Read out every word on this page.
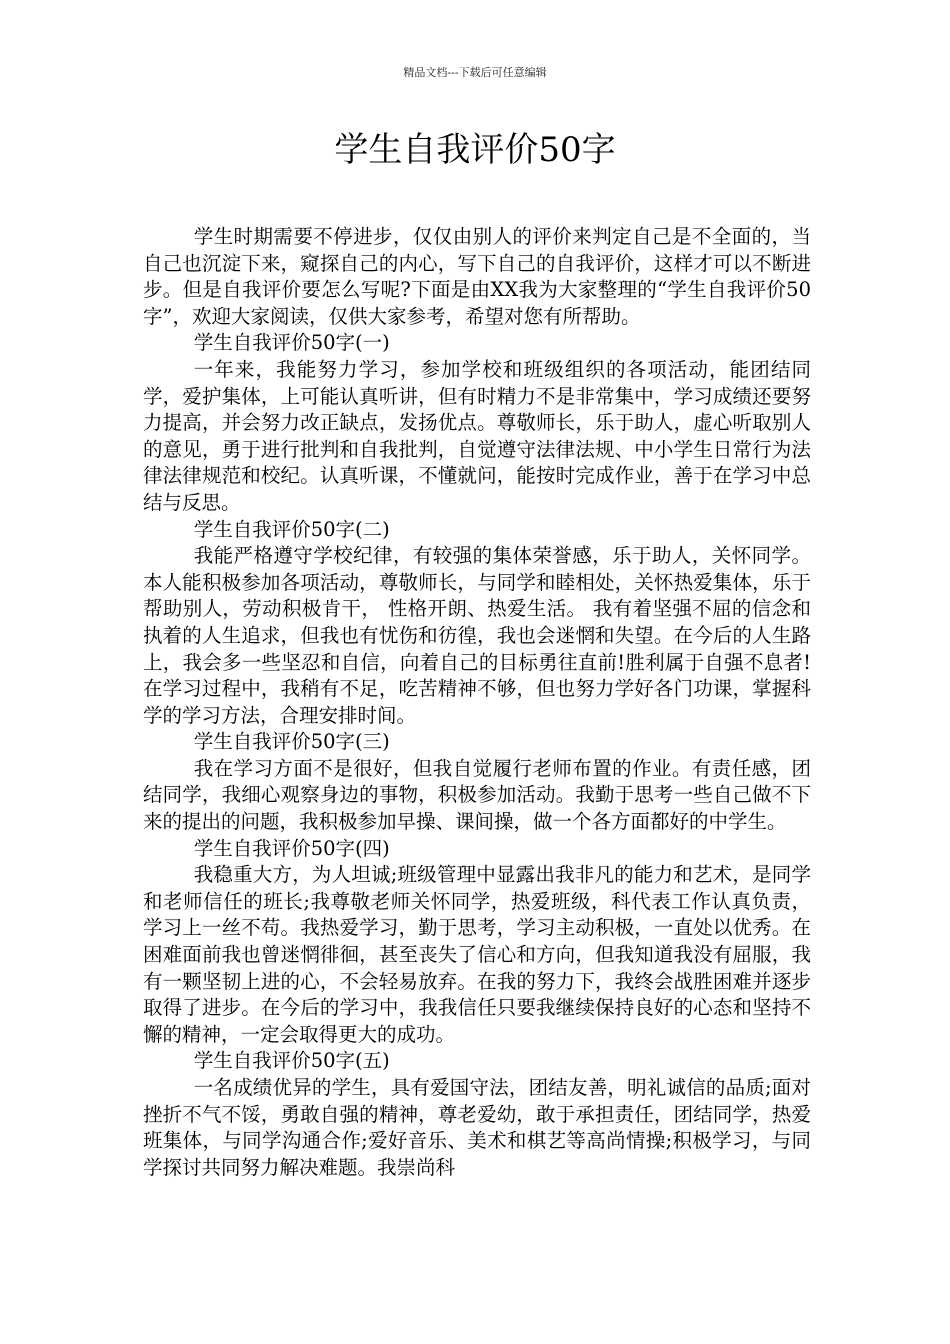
精品文档---下载后可任意编辑
学生自我评价50字

学生时期需要不停进步，仅仅由别人的评价来判定自己是不全面的，当自己也沉淀下来，窥探自己的内心，写下自己的自我评价，这样才可以不断进步。但是自我评价要怎么写呢?下面是由XX我为大家整理的“学生自我评价50字”，欢迎大家阅读，仅供大家参考，希望对您有所帮助。

学生自我评价50字(一)

一年来，我能努力学习，参加学校和班级组织的各项活动，能团结同学，爱护集体，上可能认真听讲，但有时精力不是非常集中，学习成绩还要努力提高，并会努力改正缺点，发扬优点。尊敬师长，乐于助人，虚心听取别人的意见，勇于进行批判和自我批判，自觉遵守法律法规、中小学生日常行为法律法律规范和校纪。认真听课，不懂就问，能按时完成作业，善于在学习中总结与反思。

学生自我评价50字(二)

我能严格遵守学校纪律，有较强的集体荣誉感，乐于助人，关怀同学。本人能积极参加各项活动，尊敬师长，与同学和睦相处，关怀热爱集体，乐于帮助别人，劳动积极肯干， 性格开朗、热爱生活。 我有着坚强不屈的信念和执着的人生追求，但我也有忧伤和彷徨，我也会迷惘和失望。在今后的人生路上，我会多一些坚忍和自信，向着自己的目标勇往直前!胜利属于自强不息者!在学习过程中，我稍有不足，吃苦精神不够，但也努力学好各门功课，掌握科学的学习方法，合理安排时间。

学生自我评价50字(三)

我在学习方面不是很好，但我自觉履行老师布置的作业。有责任感，团结同学，我细心观察身边的事物，积极参加活动。我勤于思考一些自己做不下来的提出的问题，我积极参加早操、课间操，做一个各方面都好的中学生。

学生自我评价50字(四)

我稳重大方，为人坦诚;班级管理中显露出我非凡的能力和艺术，是同学和老师信任的班长;我尊敬老师关怀同学，热爱班级，科代表工作认真负责，学习上一丝不苟。我热爱学习，勤于思考，学习主动积极，一直处以优秀。在困难面前我也曾迷惘徘徊，甚至丧失了信心和方向，但我知道我没有屈服，我有一颗坚韧上进的心，不会轻易放弃。在我的努力下，我终会战胜困难并逐步取得了进步。在今后的学习中，我我信任只要我继续保持良好的心态和坚持不懈的精神，一定会取得更大的成功。

学生自我评价50字(五)

一名成绩优异的学生，具有爱国守法，团结友善，明礼诚信的品质;面对挫折不气不馁，勇敢自强的精神，尊老爱幼，敢于承担责任，团结同学，热爱班集体，与同学沟通合作;爱好音乐、美术和棋艺等高尚情操;积极学习，与同学探讨共同努力解决难题。我崇尚科
